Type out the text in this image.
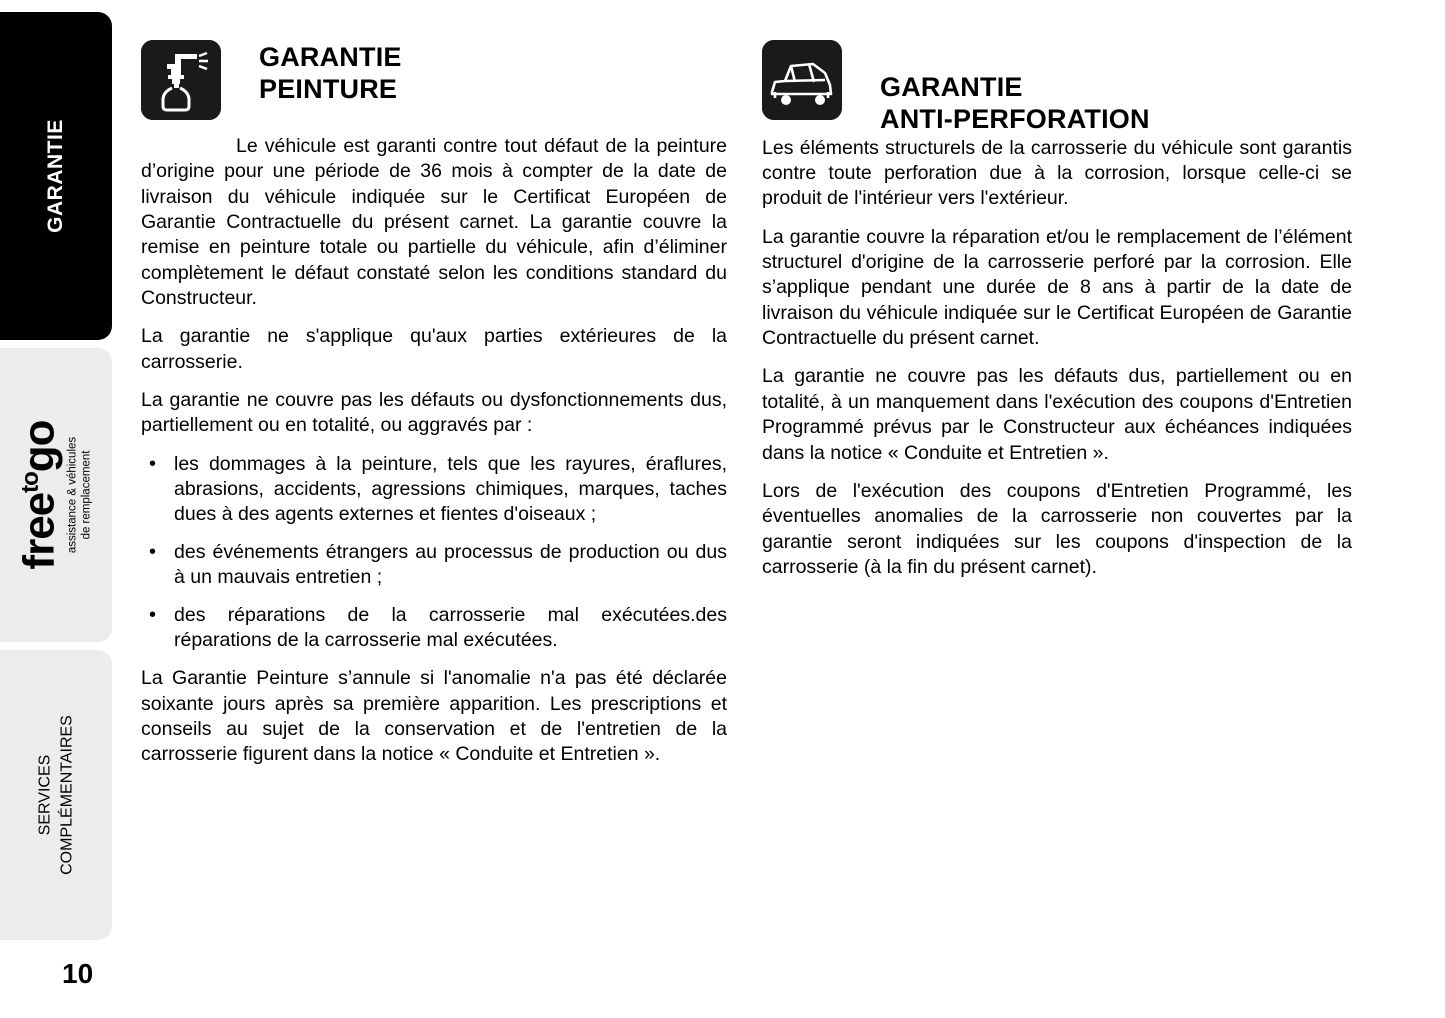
GARANTIE
free$^{to}$go assistance & véhicules de remplacement
SERVICES COMPLÉMENTAIRES
10
GARANTIE
PEINTURE

Le véhicule est garanti contre tout défaut de la peinture d’origine pour une période de 36 mois à compter de la date de livraison du véhicule indiquée sur le Certificat Européen de Garantie Contractuelle du présent carnet. La garantie couvre la remise en peinture totale ou partielle du véhicule, afin d’éliminer complètement le défaut constaté selon les conditions standard du Constructeur.

La garantie ne s'applique qu'aux parties extérieures de la carrosserie.

La garantie ne couvre pas les défauts ou dysfonctionnements dus, partiellement ou en totalité, ou aggravés par :

• les dommages à la peinture, tels que les rayures, éraflures, abrasions, accidents, agressions chimiques, marques, taches dues à des agents externes et fientes d'oiseaux ;
• des événements étrangers au processus de production ou dus à un mauvais entretien ;
• des réparations de la carrosserie mal exécutées.des réparations de la carrosserie mal exécutées.

La Garantie Peinture s’annule si l'anomalie n'a pas été déclarée soixante jours après sa première apparition. Les prescriptions et conseils au sujet de la conservation et de l'entretien de la carrosserie figurent dans la notice « Conduite et Entretien ».

GARANTIE
ANTI-PERFORATION

Les éléments structurels de la carrosserie du véhicule sont garantis contre toute perforation due à la corrosion, lorsque celle-ci se produit de l'intérieur vers l'extérieur.

La garantie couvre la réparation et/ou le remplacement de l’élément structurel d'origine de la carrosserie perforé par la corrosion. Elle s’applique pendant une durée de 8 ans à partir de la date de livraison du véhicule indiquée sur le Certificat Européen de Garantie Contractuelle du présent carnet.

La garantie ne couvre pas les défauts dus, partiellement ou en totalité, à un manquement dans l'exécution des coupons d'Entretien Programmé prévus par le Constructeur aux échéances indiquées dans la notice « Conduite et Entretien ».

Lors de l'exécution des coupons d'Entretien Programmé, les éventuelles anomalies de la carrosserie non couvertes par la garantie seront indiquées sur les coupons d'inspection de la carrosserie (à la fin du présent carnet).
